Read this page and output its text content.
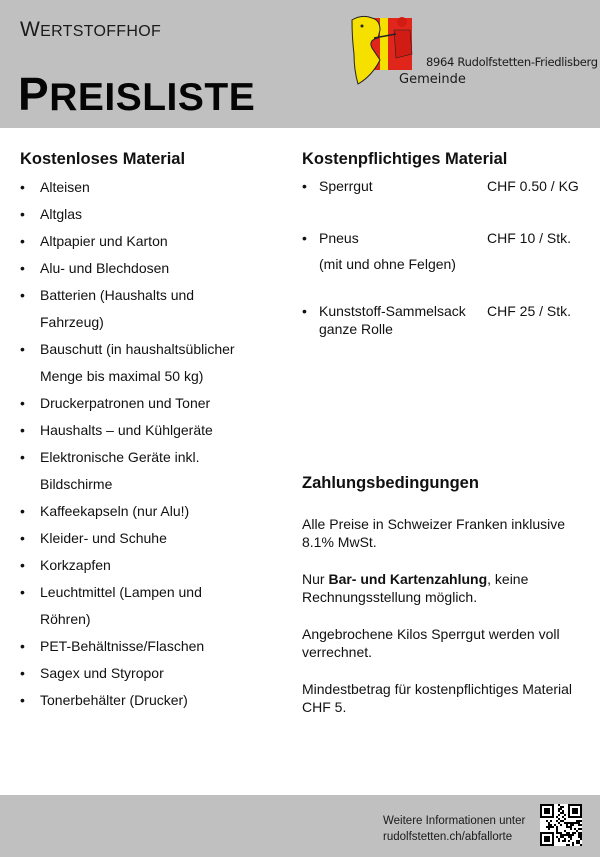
WERTSTOFFHOF
PREISLISTE
8964 Rudolfstetten-Friedlisberg
Gemeinde
Kostenloses Material
• Alteisen
• Altglas
• Altpapier und Karton
• Alu- und Blechdosen
• Batterien (Haushalts und
Fahrzeug)
• Bauschutt (in haushaltsüblicher
Menge bis maximal 50 kg)
• Druckerpatronen und Toner
• Haushalts – und Kühlgeräte
• Elektronische Geräte inkl.
Bildschirme
• Kaffeekapseln (nur Alu!)
• Kleider- und Schuhe
• Korkzapfen
• Leuchtmittel (Lampen und
Röhren)
• PET-Behältnisse/Flaschen
• Sagex und Styropor
• Tonerbehälter (Drucker)
Kostenpflichtiges Material
• Sperrgut	CHF 0.50 / KG
• Pneus	CHF 10 / Stk.
(mit und ohne Felgen)
• Kunststoff-Sammelsack CHF 25 / Stk.
ganze Rolle
Zahlungsbedingungen
Alle Preise in Schweizer Franken inklusive 8.1% MwSt.
Nur Bar- und Kartenzahlung, keine Rechnungsstellung möglich.
Angebrochene Kilos Sperrgut werden voll verrechnet.
Mindestbetrag für kostenpflichtiges Material CHF 5.
Weitere Informationen unter
rudolfstetten.ch/abfallorte
